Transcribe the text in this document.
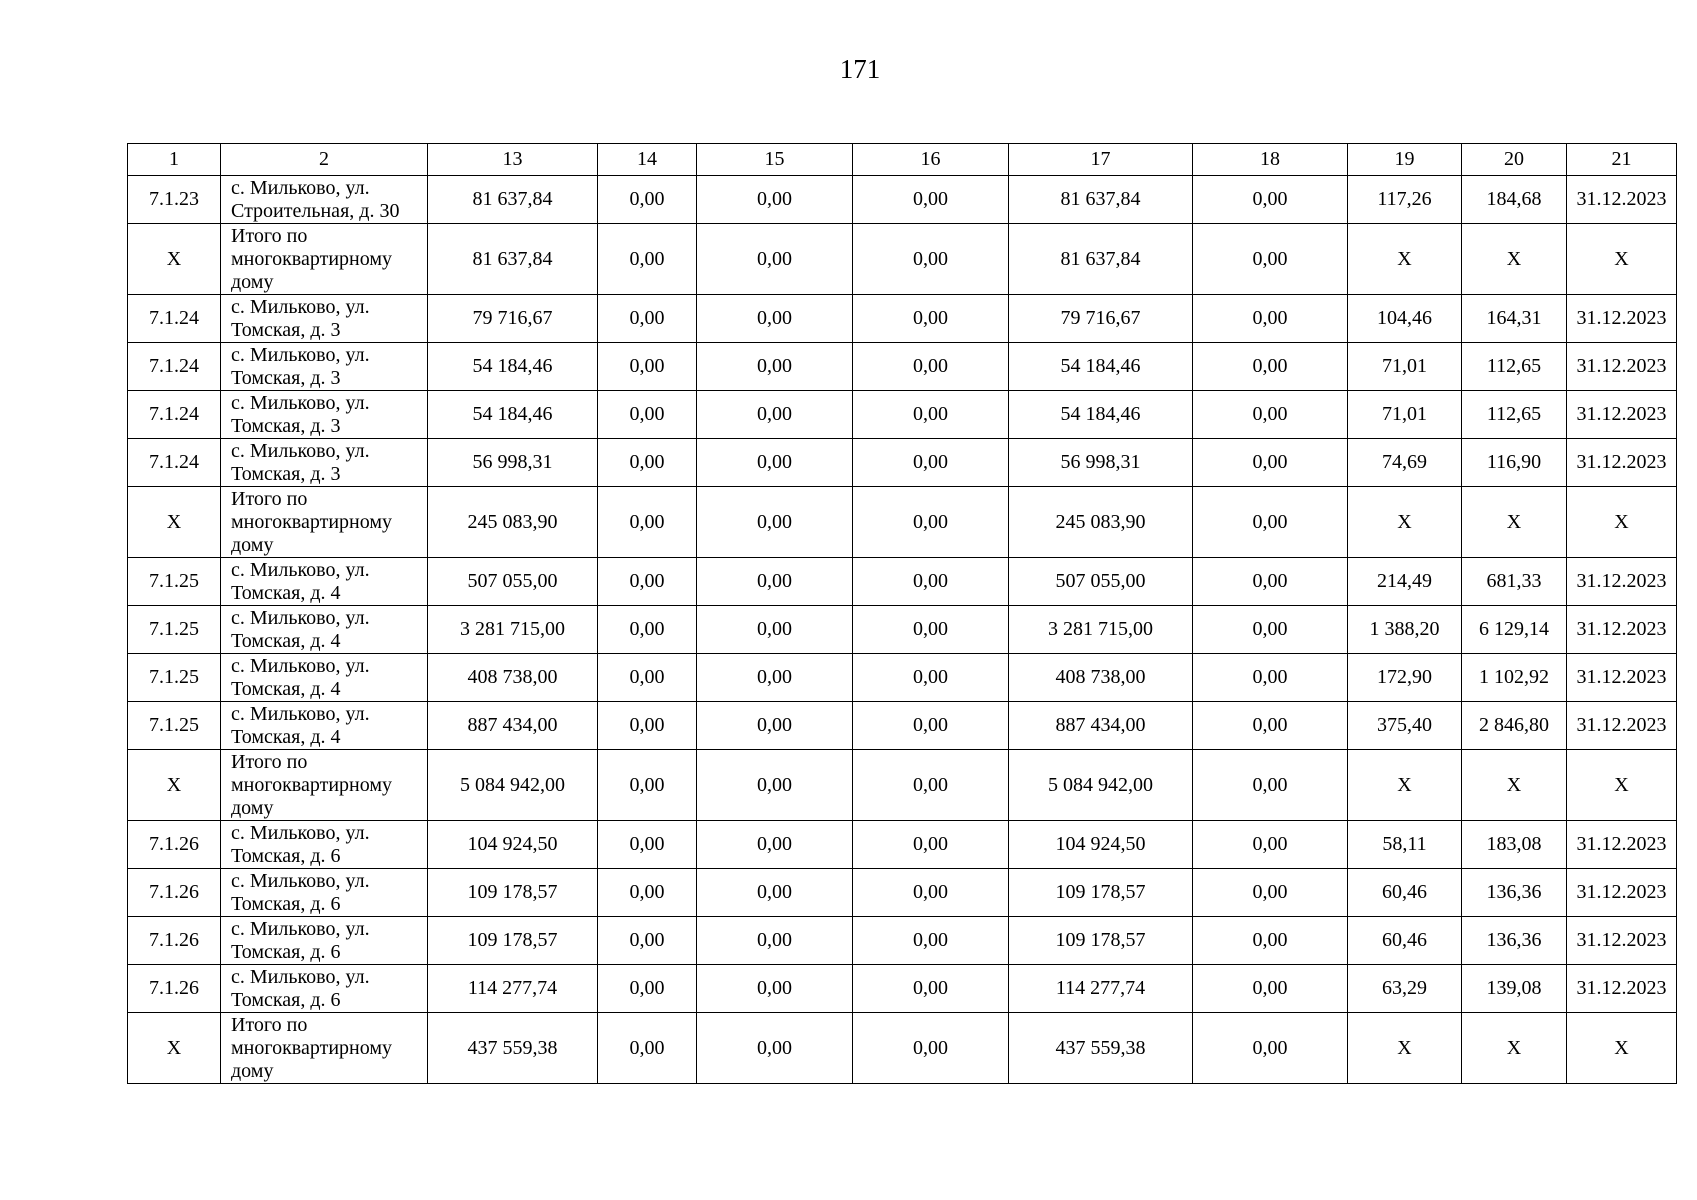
171
1	2	13	14	15	16	17	18	19	20	21
7.1.23	с. Мильково, ул. Строительная, д. 30	81 637,84	0,00	0,00	0,00	81 637,84	0,00	117,26	184,68	31.12.2023
X	Итого по многоквартирному дому	81 637,84	0,00	0,00	0,00	81 637,84	0,00	X	X	X
7.1.24	с. Мильково, ул. Томская, д. 3	79 716,67	0,00	0,00	0,00	79 716,67	0,00	104,46	164,31	31.12.2023
7.1.24	с. Мильково, ул. Томская, д. 3	54 184,46	0,00	0,00	0,00	54 184,46	0,00	71,01	112,65	31.12.2023
7.1.24	с. Мильково, ул. Томская, д. 3	54 184,46	0,00	0,00	0,00	54 184,46	0,00	71,01	112,65	31.12.2023
7.1.24	с. Мильково, ул. Томская, д. 3	56 998,31	0,00	0,00	0,00	56 998,31	0,00	74,69	116,90	31.12.2023
X	Итого по многоквартирному дому	245 083,90	0,00	0,00	0,00	245 083,90	0,00	X	X	X
7.1.25	с. Мильково, ул. Томская, д. 4	507 055,00	0,00	0,00	0,00	507 055,00	0,00	214,49	681,33	31.12.2023
7.1.25	с. Мильково, ул. Томская, д. 4	3 281 715,00	0,00	0,00	0,00	3 281 715,00	0,00	1 388,20	6 129,14	31.12.2023
7.1.25	с. Мильково, ул. Томская, д. 4	408 738,00	0,00	0,00	0,00	408 738,00	0,00	172,90	1 102,92	31.12.2023
7.1.25	с. Мильково, ул. Томская, д. 4	887 434,00	0,00	0,00	0,00	887 434,00	0,00	375,40	2 846,80	31.12.2023
X	Итого по многоквартирному дому	5 084 942,00	0,00	0,00	0,00	5 084 942,00	0,00	X	X	X
7.1.26	с. Мильково, ул. Томская, д. 6	104 924,50	0,00	0,00	0,00	104 924,50	0,00	58,11	183,08	31.12.2023
7.1.26	с. Мильково, ул. Томская, д. 6	109 178,57	0,00	0,00	0,00	109 178,57	0,00	60,46	136,36	31.12.2023
7.1.26	с. Мильково, ул. Томская, д. 6	109 178,57	0,00	0,00	0,00	109 178,57	0,00	60,46	136,36	31.12.2023
7.1.26	с. Мильково, ул. Томская, д. 6	114 277,74	0,00	0,00	0,00	114 277,74	0,00	63,29	139,08	31.12.2023
X	Итого по многоквартирному дому	437 559,38	0,00	0,00	0,00	437 559,38	0,00	X	X	X
